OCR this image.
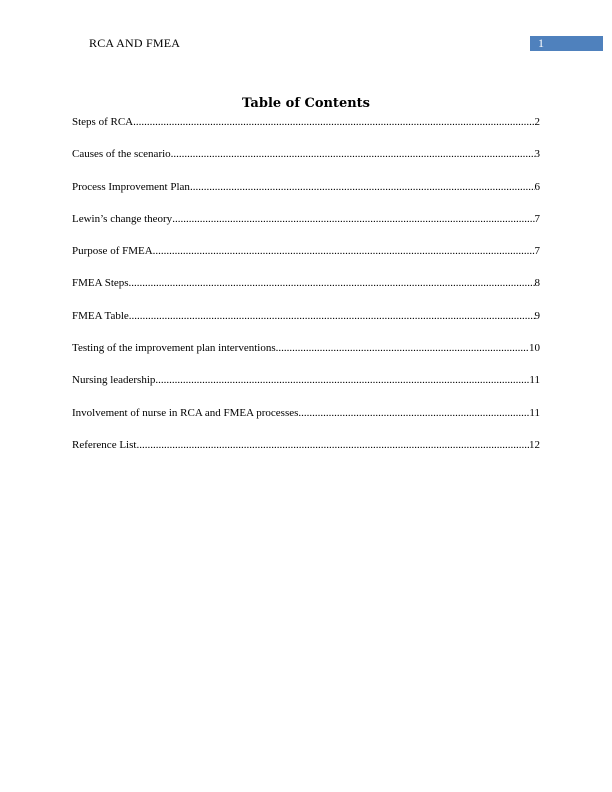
RCA AND FMEA	1
Table of Contents
Steps of RCA .....	2
Causes of the scenario .....	3
Process Improvement Plan .....	6
Lewin’s change theory .....	7
Purpose of FMEA .....	7
FMEA Steps .....	8
FMEA Table .....	9
Testing of the improvement plan interventions .....	10
Nursing leadership .....	11
Involvement of nurse in RCA and FMEA processes .....	11
Reference List .....	12
